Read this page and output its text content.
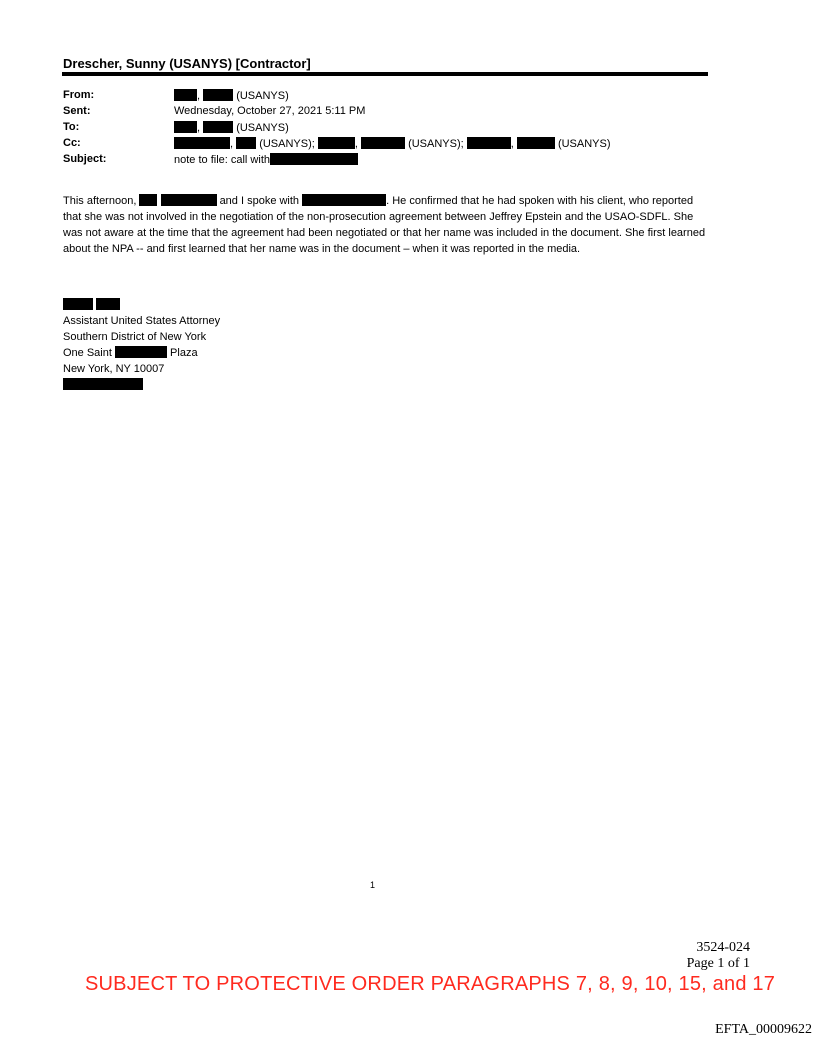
Drescher, Sunny (USANYS) [Contractor]
From:	,	(USANYS)
Sent:	Wednesday, October 27, 2021 5:11 PM
To:	,	(USANYS)
Cc:	,  (USANYS);	,	(USANYS);	,	(USANYS)
Subject:	note to file: call with

This afternoon,	and I spoke with	. He confirmed that he had spoken with his client, who reported that she was not involved in the negotiation of the non-prosecution agreement between Jeffrey Epstein and the USAO-SDFL. She was not aware at the time that the agreement had been negotiated or that her name was included in the document. She first learned about the NPA -- and first learned that her name was in the document – when it was reported in the media.

Assistant United States Attorney
Southern District of New York
One Saint	Plaza
New York, NY 10007
1
3524-024
Page 1 of 1
SUBJECT TO PROTECTIVE ORDER PARAGRAPHS 7, 8, 9, 10, 15, and 17
EFTA_00009622
